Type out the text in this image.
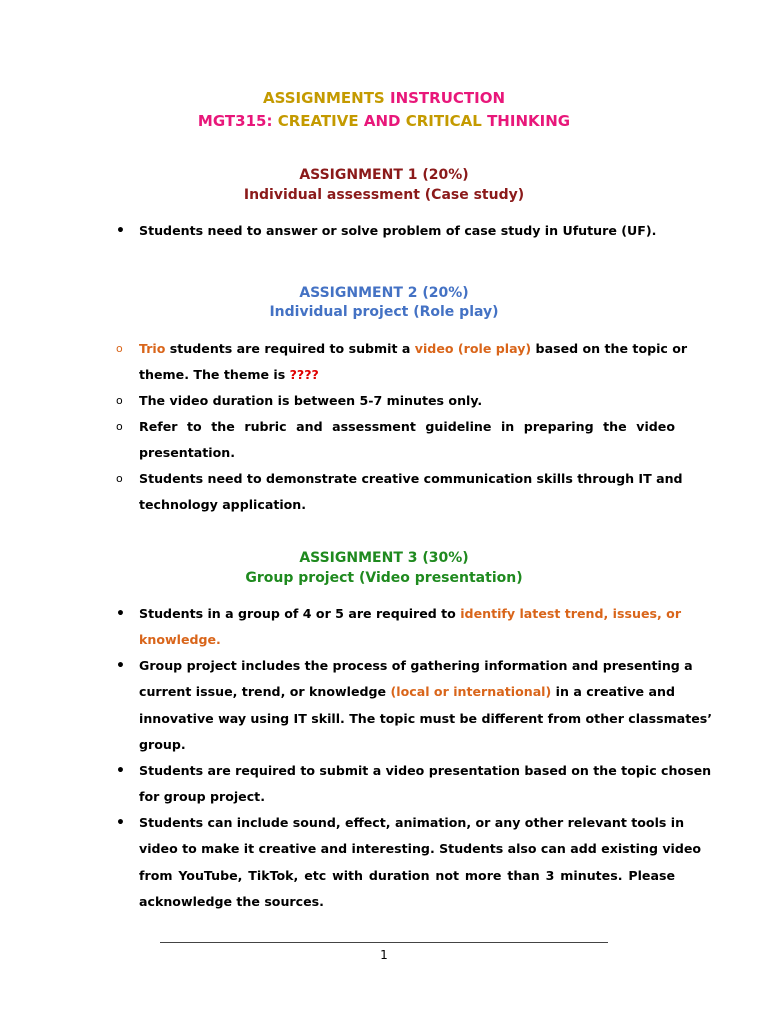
ASSIGNMENTS INSTRUCTION
MGT315: CREATIVE AND CRITICAL THINKING
ASSIGNMENT 1 (20%)
Individual assessment (Case study)
• Students need to answer or solve problem of case study in Ufuture (UF).
ASSIGNMENT 2 (20%)
Individual project (Role play)
o Trio students are required to submit a video (role play) based on the topic or
theme. The theme is ????
o The video duration is between 5-7 minutes only.
o Refer to the rubric and assessment guideline in preparing the video
presentation.
o Students need to demonstrate creative communication skills through IT and
technology application.
ASSIGNMENT 3 (30%)
Group project (Video presentation)
• Students in a group of 4 or 5 are required to identify latest trend, issues, or
knowledge.
• Group project includes the process of gathering information and presenting a
current issue, trend, or knowledge (local or international) in a creative and
innovative way using IT skill. The topic must be different from other classmates’
group.
• Students are required to submit a video presentation based on the topic chosen
for group project.
• Students can include sound, effect, animation, or any other relevant tools in
video to make it creative and interesting. Students also can add existing video
from YouTube, TikTok, etc with duration not more than 3 minutes. Please
acknowledge the sources.
1
